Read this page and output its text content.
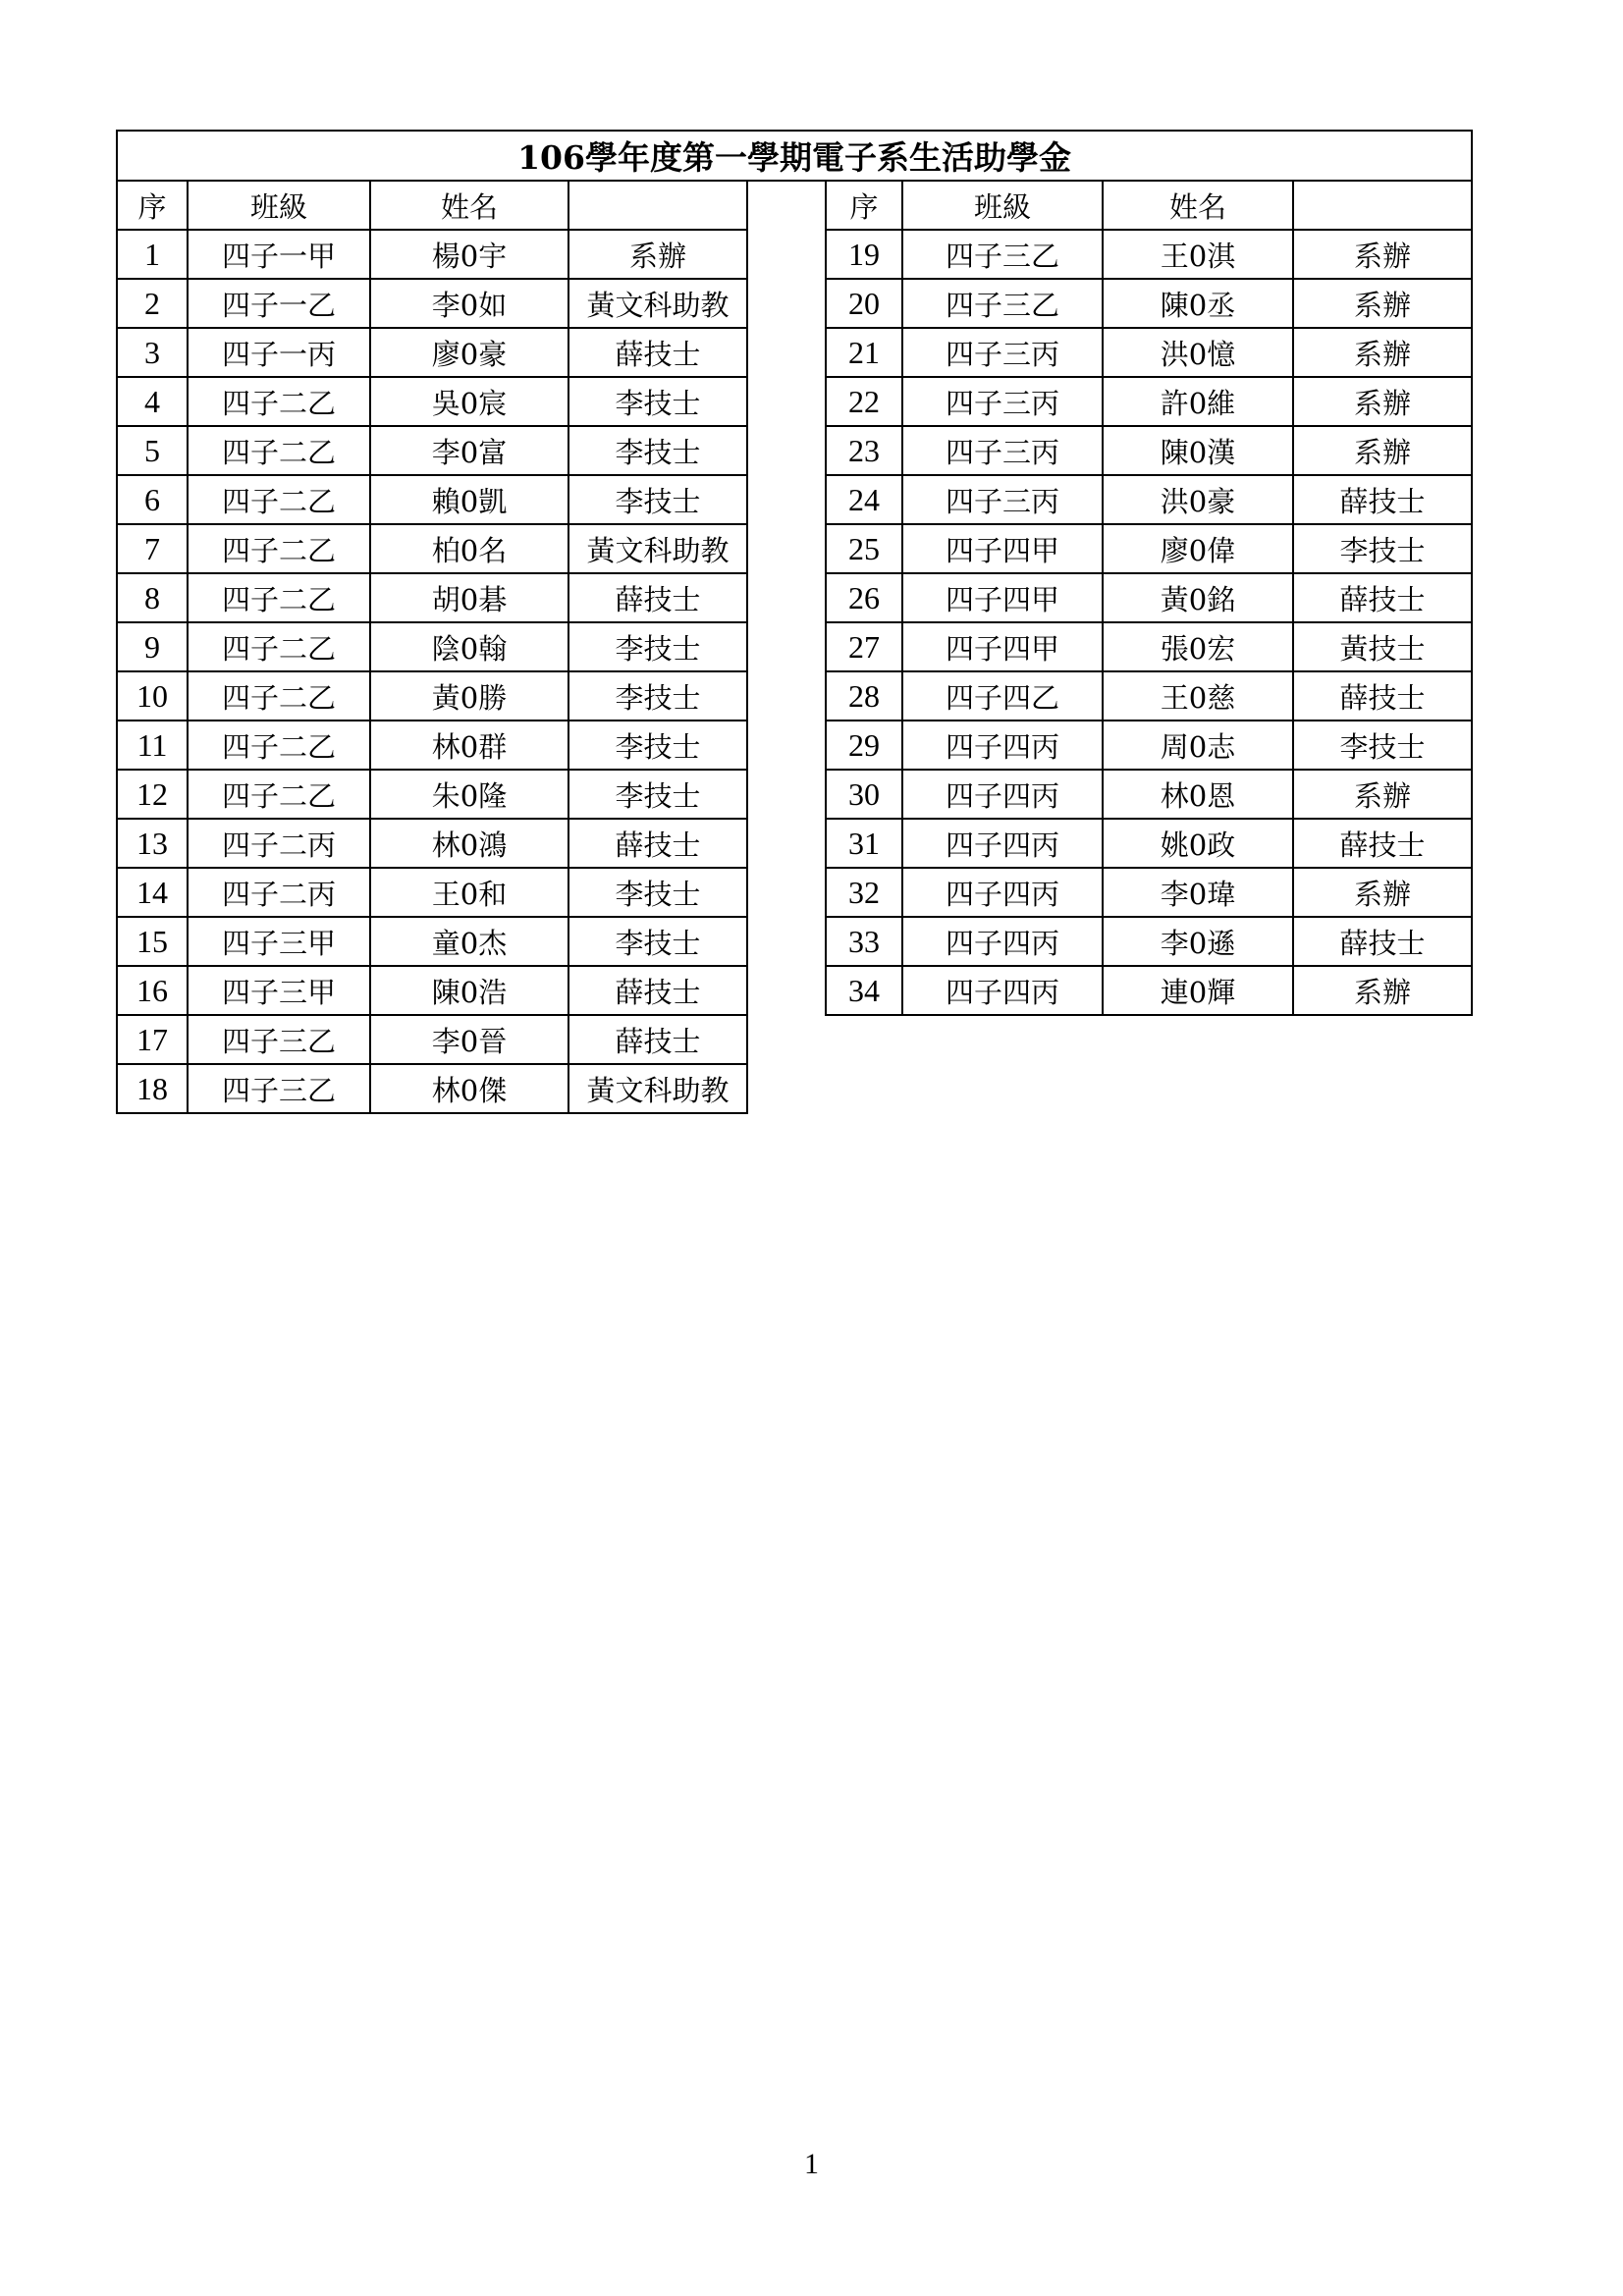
106學年度第一學期電子系生活助學金								
序	班級	姓名			序	班級	姓名	
1	四子一甲	楊0宇	系辦		19	四子三乙	王0淇	系辦
2	四子一乙	李0如	黃文科助教		20	四子三乙	陳0丞	系辦
3	四子一丙	廖0豪	薛技士		21	四子三丙	洪0憶	系辦
4	四子二乙	吳0宸	李技士		22	四子三丙	許0維	系辦
5	四子二乙	李0富	李技士		23	四子三丙	陳0漢	系辦
6	四子二乙	賴0凱	李技士		24	四子三丙	洪0豪	薛技士
7	四子二乙	柏0名	黃文科助教		25	四子四甲	廖0偉	李技士
8	四子二乙	胡0碁	薛技士		26	四子四甲	黃0銘	薛技士
9	四子二乙	陰0翰	李技士		27	四子四甲	張0宏	黃技士
10	四子二乙	黃0勝	李技士		28	四子四乙	王0慈	薛技士
11	四子二乙	林0群	李技士		29	四子四丙	周0志	李技士
12	四子二乙	朱0隆	李技士		30	四子四丙	林0恩	系辦
13	四子二丙	林0鴻	薛技士		31	四子四丙	姚0政	薛技士
14	四子二丙	王0和	李技士		32	四子四丙	李0瑋	系辦
15	四子三甲	童0杰	李技士		33	四子四丙	李0遜	薛技士
16	四子三甲	陳0浩	薛技士		34	四子四丙	連0輝	系辦
17	四子三乙	李0晉	薛技士					
18	四子三乙	林0傑	黃文科助教					
1
